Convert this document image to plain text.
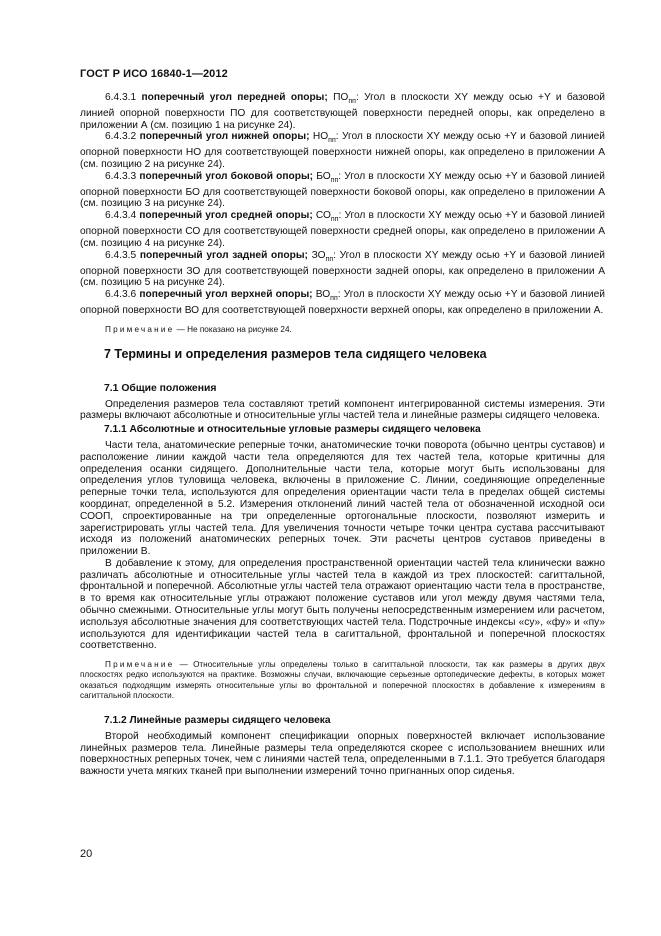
ГОСТ Р ИСО 16840-1—2012

6.4.3.1 поперечный угол передней опоры; $ПО_{пп}$: Угол в плоскости XY между осью +Y и базовой линией опорной поверхности ПО для соответствующей поверхности передней опоры, как определено в приложении А (см. позицию 1 на рисунке 24).

6.4.3.2 поперечный угол нижней опоры; $НО_{пп}$: Угол в плоскости XY между осью +Y и базовой линией опорной поверхности НО для соответствующей поверхности нижней опоры, как определено в приложении А (см. позицию 2 на рисунке 24).

6.4.3.3 поперечный угол боковой опоры; $БО_{пп}$: Угол в плоскости XY между осью +Y и базовой линией опорной поверхности БО для соответствующей поверхности боковой опоры, как определено в приложении А (см. позицию 3 на рисунке 24).

6.4.3.4 поперечный угол средней опоры; $СО_{пп}$: Угол в плоскости XY между осью +Y и базовой линией опорной поверхности СО для соответствующей поверхности средней опоры, как определено в приложении А (см. позицию 4 на рисунке 24).

6.4.3.5 поперечный угол задней опоры; $ЗО_{пп}$: Угол в плоскости XY между осью +Y и базовой линией опорной поверхности ЗО для соответствующей поверхности задней опоры, как определено в приложении А (см. позицию 5 на рисунке 24).

6.4.3.6 поперечный угол верхней опоры; $ВО_{пп}$: Угол в плоскости XY между осью +Y и базовой линией опорной поверхности ВО для соответствующей поверхности верхней опоры, как определено в приложении А.

Примечание — Не показано на рисунке 24.

7 Термины и определения размеров тела сидящего человека

7.1 Общие положения

Определения размеров тела составляют третий компонент интегрированной системы измерения. Эти размеры включают абсолютные и относительные углы частей тела и линейные размеры сидящего человека.

7.1.1 Абсолютные и относительные угловые размеры сидящего человека

Части тела, анатомические реперные точки, анатомические точки поворота (обычно центры суставов) и расположение линии каждой части тела определяются для тех частей тела, которые критичны для определения осанки сидящего. Дополнительные части тела, которые могут быть использованы для определения углов туловища человека, включены в приложение С. Линии, соединяющие определенные реперные точки тела, используются для определения ориентации части тела в пределах общей системы координат, определенной в 5.2. Измерения отклонений линий частей тела от обозначенной исходной оси СООП, спроектированные на три определенные ортогональные плоскости, позволяют измерить и зарегистрировать углы частей тела. Для увеличения точности четыре точки центра сустава рассчитывают исходя из положений анатомических реперных точек. Эти расчеты центров суставов приведены в приложении В.

В добавление к этому, для определения пространственной ориентации частей тела клинически важно различать абсолютные и относительные углы частей тела в каждой из трех плоскостей: сагиттальной, фронтальной и поперечной. Абсолютные углы частей тела отражают ориентацию части тела в пространстве, в то время как относительные углы отражают положение суставов или угол между двумя частями тела, обычно смежными. Относительные углы могут быть получены непосредственным измерением или расчетом, используя абсолютные значения для соответствующих частей тела. Подстрочные индексы «су», «фу» и «пу» используются для идентификации частей тела в сагиттальной, фронтальной и поперечной плоскостях соответственно.

Примечание — Относительные углы определены только в сагиттальной плоскости, так как размеры в других двух плоскостях редко используются на практике. Возможны случаи, включающие серьезные ортопедические дефекты, в которых может оказаться подходящим измерять относительные углы во фронтальной и поперечной плоскостях в добавление к измерениям в сагиттальной плоскости.

7.1.2 Линейные размеры сидящего человека

Второй необходимый компонент спецификации опорных поверхностей включает использование линейных размеров тела. Линейные размеры тела определяются скорее с использованием внешних или поверхностных реперных точек, чем с линиями частей тела, определенными в 7.1.1. Это требуется благодаря важности учета мягких тканей при выполнении измерений точно пригнанных опор сиденья.

20
